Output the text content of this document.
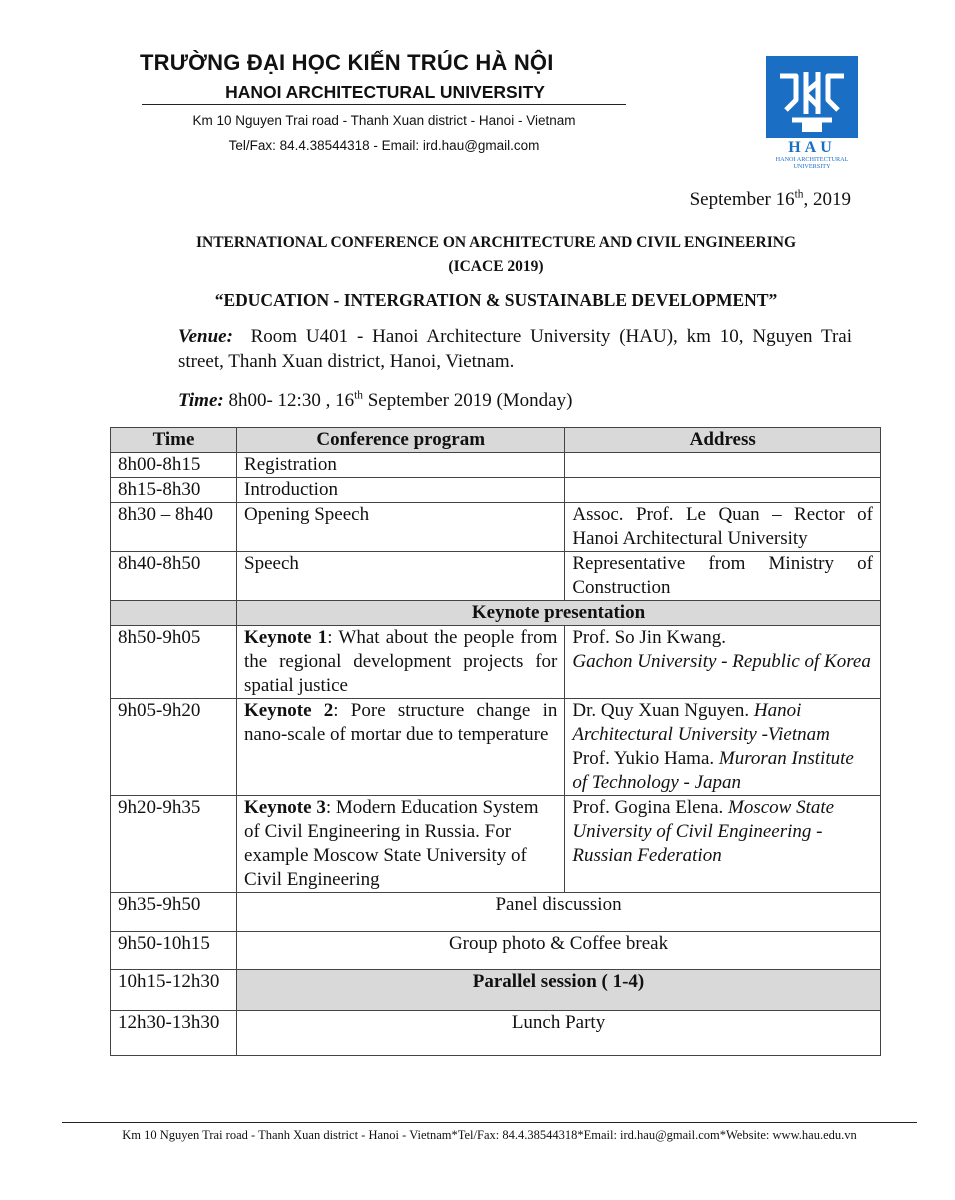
TRƯỜNG ĐẠI HỌC KIẾN TRÚC HÀ NỘI
HANOI ARCHITECTURAL UNIVERSITY
Km 10 Nguyen Trai road - Thanh Xuan district - Hanoi - Vietnam
Tel/Fax: 84.4.38544318 - Email: ird.hau@gmail.com	HAU
HANOI ARCHITECTURAL
UNIVERSITY
September 16th, 2019
INTERNATIONAL CONFERENCE ON ARCHITECTURE AND CIVIL ENGINEERING
(ICACE 2019)
“EDUCATION - INTERGRATION & SUSTAINABLE DEVELOPMENT”
Venue: Room U401 - Hanoi Architecture University (HAU), km 10, Nguyen Trai street, Thanh Xuan district, Hanoi, Vietnam.
Time: 8h00- 12:30 , 16th September 2019 (Monday)
Time	Conference program	Address
8h00-8h15	Registration	
8h15-8h30	Introduction	
8h30 – 8h40	Opening Speech	Assoc. Prof. Le Quan – Rector of Hanoi Architectural University
8h40-8h50	Speech	Representative from Ministry of Construction
	Keynote presentation	
8h50-9h05	Keynote 1: What about the people from the regional development projects for spatial justice	Prof. So Jin Kwang.
Gachon University - Republic of Korea
9h05-9h20	Keynote 2: Pore structure change in nano-scale of mortar due to temperature	Dr. Quy Xuan Nguyen. Hanoi Architectural University -Vietnam
Prof. Yukio Hama. Muroran Institute of Technology - Japan
9h20-9h35	Keynote 3: Modern Education System of Civil Engineering in Russia. For example Moscow State University of Civil Engineering	Prof. Gogina Elena. Moscow State University of Civil Engineering - Russian Federation
9h35-9h50	Panel discussion	
9h50-10h15	Group photo & Coffee break	
10h15-12h30	Parallel session ( 1-4)	
12h30-13h30	Lunch Party	
Km 10 Nguyen Trai road - Thanh Xuan district - Hanoi - Vietnam*Tel/Fax: 84.4.38544318*Email: ird.hau@gmail.com*Website: www.hau.edu.vn
